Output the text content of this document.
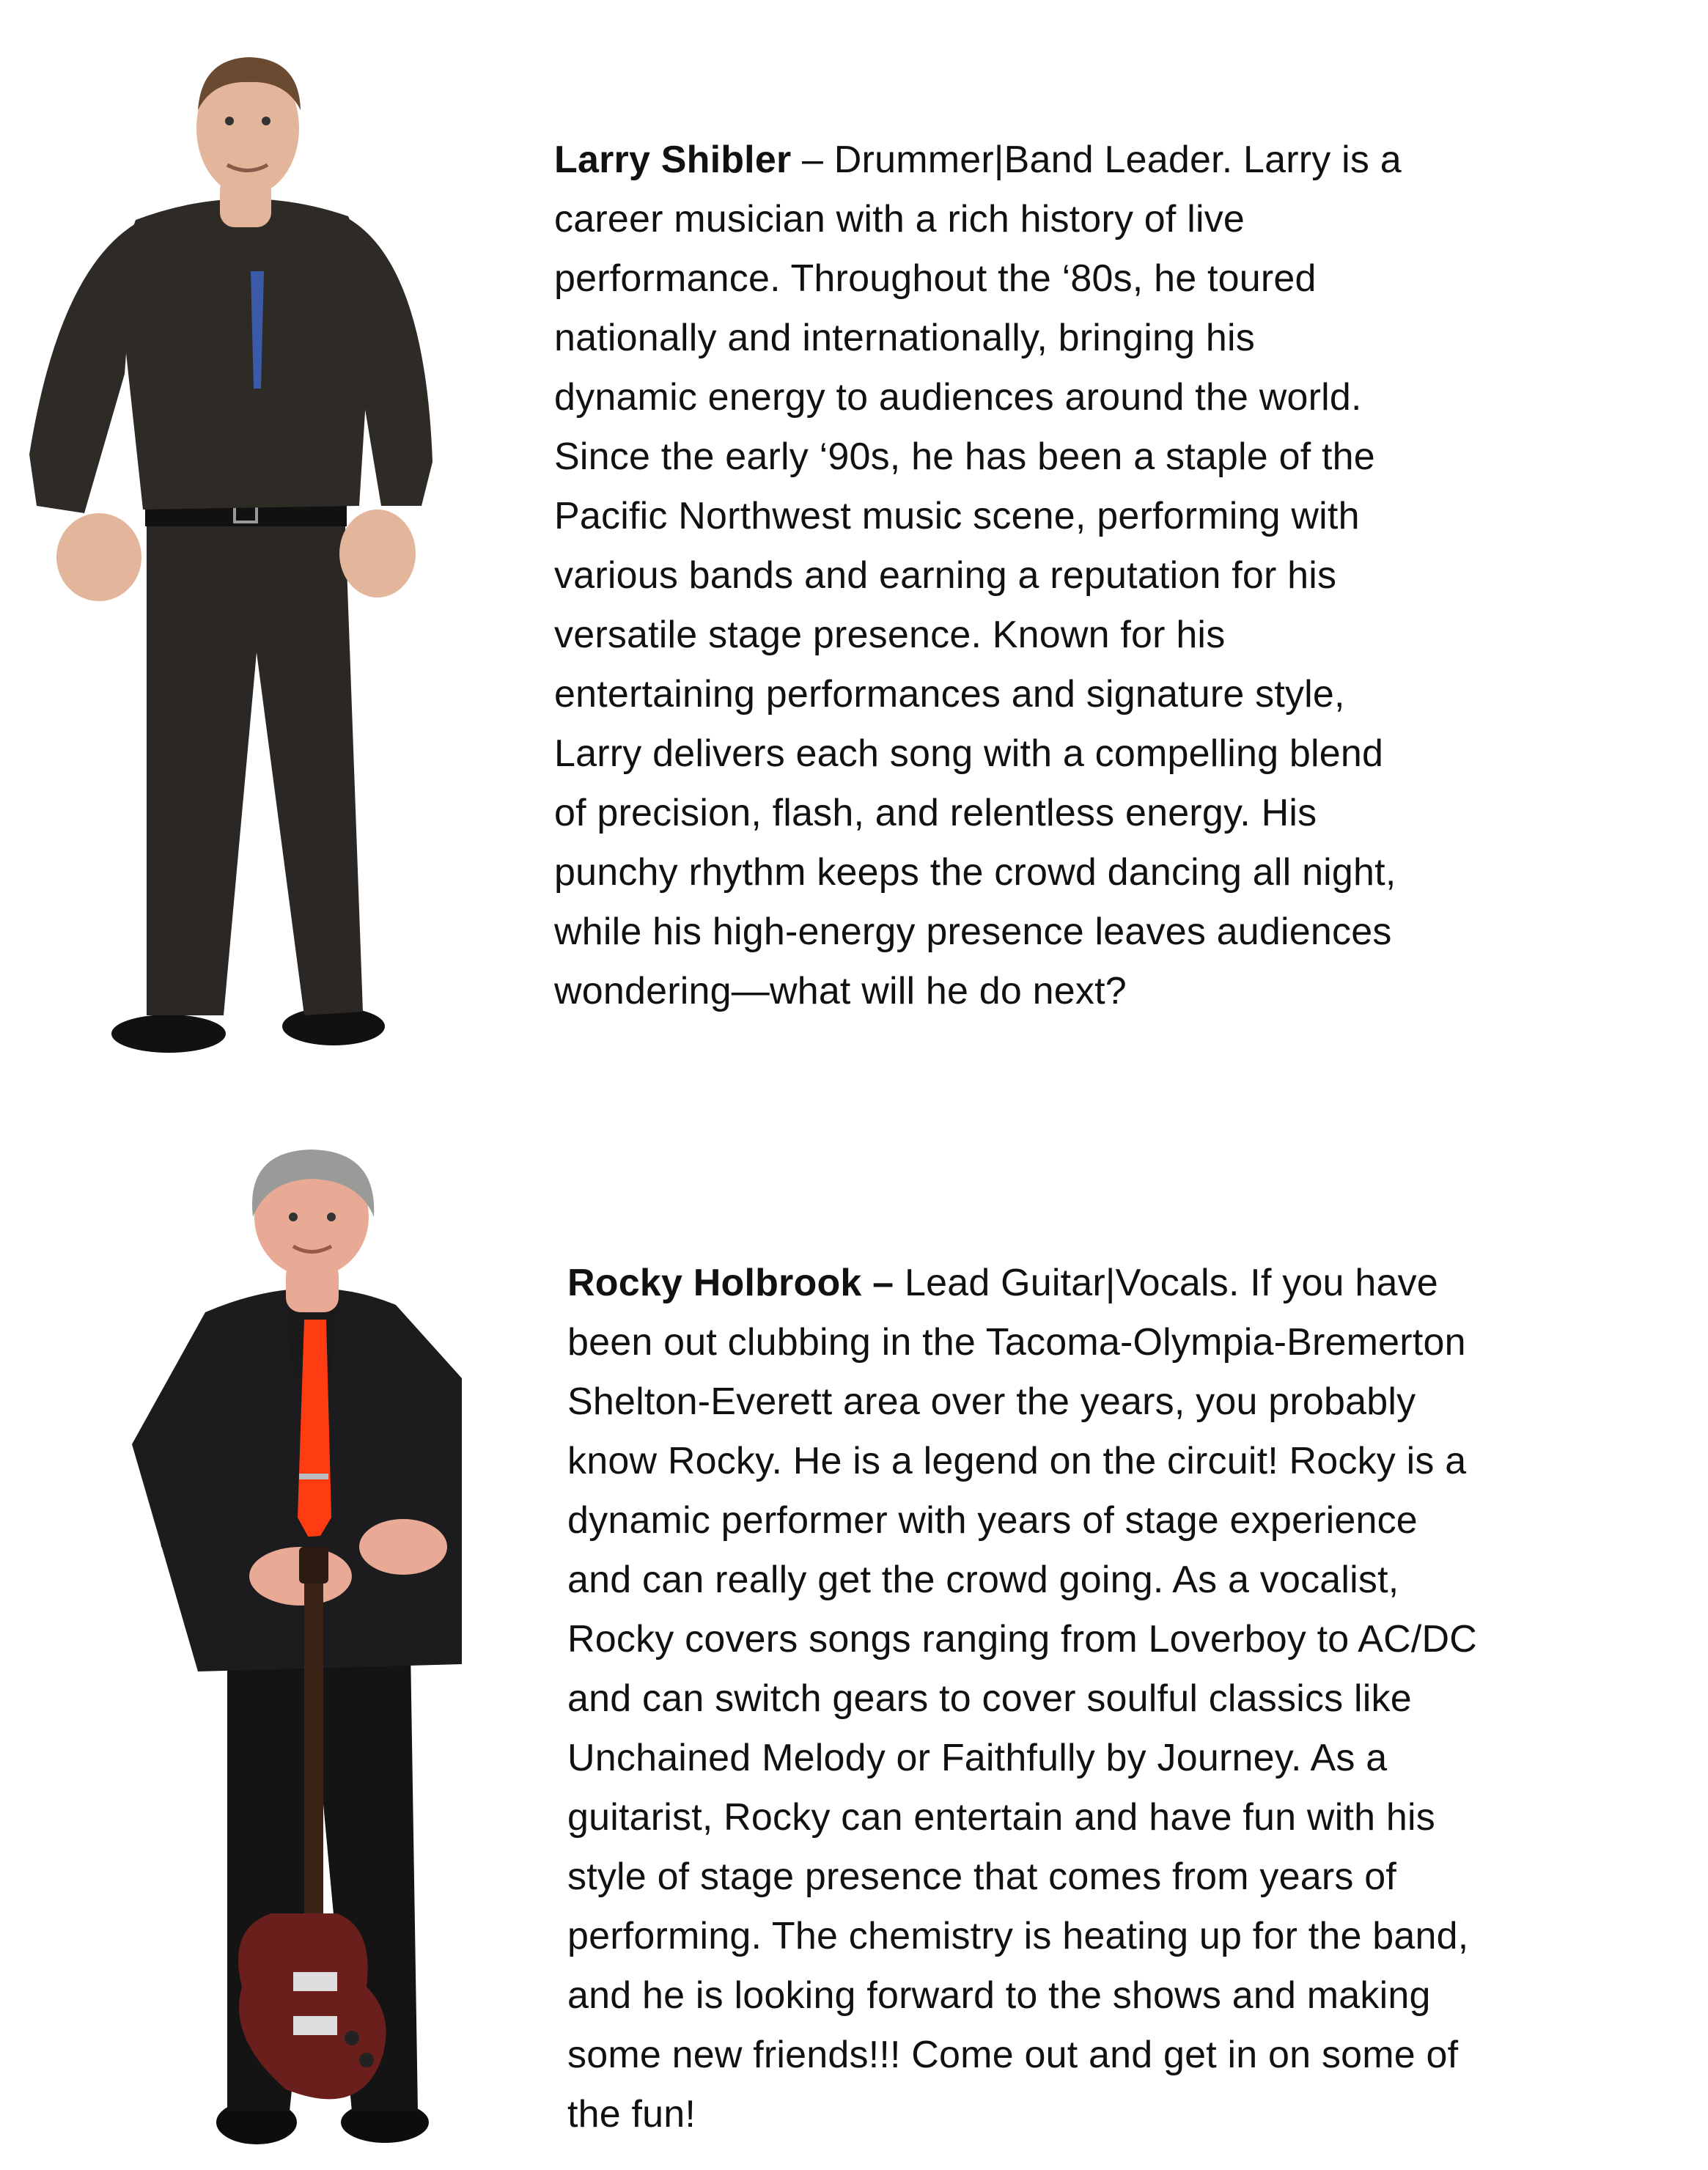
Larry Shibler – Drummer|Band Leader. Larry is a
career musician with a rich history of live
performance. Throughout the ‘80s, he toured
nationally and internationally, bringing his
dynamic energy to audiences around the world.
Since the early ‘90s, he has been a staple of the
Pacific Northwest music scene, performing with
various bands and earning a reputation for his
versatile stage presence. Known for his
entertaining performances and signature style,
Larry delivers each song with a compelling blend
of precision, flash, and relentless energy. His
punchy rhythm keeps the crowd dancing all night,
while his high-energy presence leaves audiences
wondering—what will he do next?

Rocky Holbrook – Lead Guitar|Vocals. If you have
been out clubbing in the Tacoma-Olympia-Bremerton
Shelton-Everett area over the years, you probably
know Rocky. He is a legend on the circuit! Rocky is a
dynamic performer with years of stage experience
and can really get the crowd going. As a vocalist,
Rocky covers songs ranging from Loverboy to AC/DC
and can switch gears to cover soulful classics like
Unchained Melody or Faithfully by Journey. As a
guitarist, Rocky can entertain and have fun with his
style of stage presence that comes from years of
performing. The chemistry is heating up for the band,
and he is looking forward to the shows and making
some new friends!!! Come out and get in on some of
the fun!
